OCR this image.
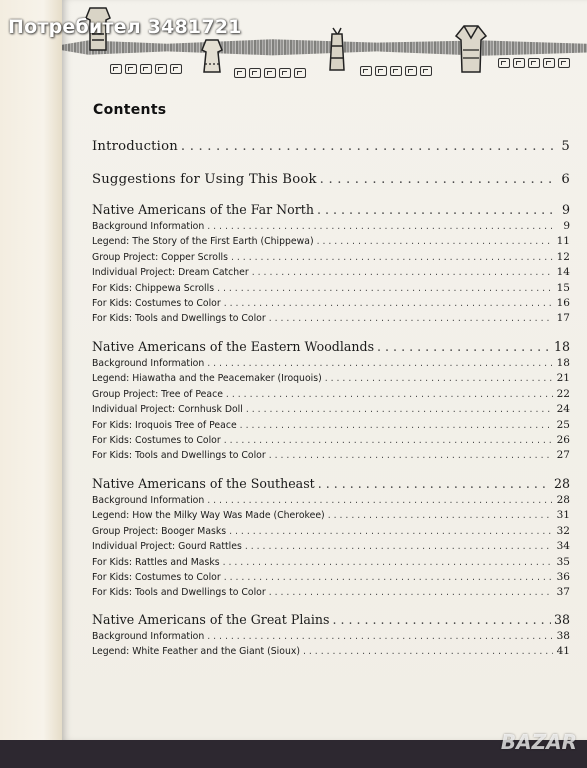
Потребител 3481721
Contents
Introduction . . .	5
Suggestions for Using This Book . . .	6
Native Americans of the Far North . . .	9
Background Information . . .	9
Legend: The Story of the First Earth (Chippewa) . . .	11
Group Project: Copper Scrolls . . .	12
Individual Project: Dream Catcher . . .	14
For Kids: Chippewa Scrolls . . .	15
For Kids: Costumes to Color . . .	16
For Kids: Tools and Dwellings to Color . . .	17
Native Americans of the Eastern Woodlands . . .	18
Background Information . . .	18
Legend: Hiawatha and the Peacemaker (Iroquois) . . .	21
Group Project: Tree of Peace . . .	22
Individual Project: Cornhusk Doll . . .	24
For Kids: Iroquois Tree of Peace . . .	25
For Kids: Costumes to Color . . .	26
For Kids: Tools and Dwellings to Color . . .	27
Native Americans of the Southeast . . .	28
Background Information . . .	28
Legend: How the Milky Way Was Made (Cherokee) . . .	31
Group Project: Booger Masks . . .	32
Individual Project: Gourd Rattles . . .	34
For Kids: Rattles and Masks . . .	35
For Kids: Costumes to Color . . .	36
For Kids: Tools and Dwellings to Color . . .	37
Native Americans of the Great Plains . . .	38
Background Information . . .	38
Legend: White Feather and the Giant (Sioux) . . .	41
BAZAR
